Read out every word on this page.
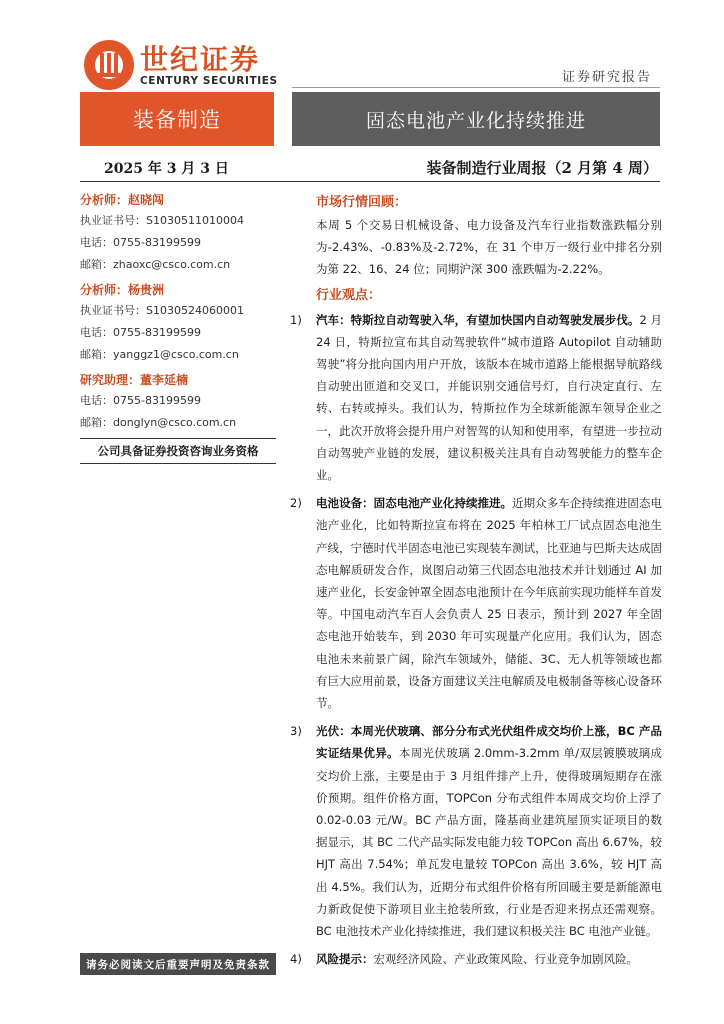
世纪证券
CENTURY SECURITIES	证券研究报告
装备制造	固态电池产业化持续推进
2025 年 3 月 3 日	装备制造行业周报（2 月第 4 周）
分析师：赵晓闯
执业证书号：S1030511010004
电话：0755-83199599
邮箱：zhaoxc@csco.com.cn
分析师：杨贵洲
执业证书号：S1030524060001
电话：0755-83199599
邮箱：yanggz1@csco.com.cn
研究助理：董李延楠
电话：0755-83199599
邮箱：donglyn@csco.com.cn
公司具备证券投资咨询业务资格
市场行情回顾：
本周 5 个交易日机械设备、电力设备及汽车行业指数涨跌幅分别为-2.43%、-0.83%及-2.72%，在 31 个申万一级行业中排名分别为第 22、16、24 位；同期沪深 300 涨跌幅为-2.22%。
行业观点：
1) 汽车：特斯拉自动驾驶入华，有望加快国内自动驾驶发展步伐。2 月 24 日，特斯拉宣布其自动驾驶软件“城市道路 Autopilot 自动辅助驾驶”将分批向国内用户开放，该版本在城市道路上能根据导航路线自动驶出匝道和交叉口，并能识别交通信号灯，自行决定直行、左转、右转或掉头。我们认为，特斯拉作为全球新能源车领导企业之一，此次开放将会提升用户对智驾的认知和使用率，有望进一步拉动自动驾驶产业链的发展，建议积极关注具有自动驾驶能力的整车企业。
2) 电池设备：固态电池产业化持续推进。近期众多车企持续推进固态电池产业化，比如特斯拉宣布将在 2025 年柏林工厂试点固态电池生产线，宁德时代半固态电池已实现装车测试，比亚迪与巴斯夫达成固态电解质研发合作，岚图启动第三代固态电池技术并计划通过 AI 加速产业化，长安金钟罩全固态电池预计在今年底前实现功能样车首发等。中国电动汽车百人会负责人 25 日表示，预计到 2027 年全固态电池开始装车，到 2030 年可实现量产化应用。我们认为，固态电池未来前景广阔，除汽车领域外，储能、3C、无人机等领域也都有巨大应用前景，设备方面建议关注电解质及电极制备等核心设备环节。
3) 光伏：本周光伏玻璃、部分分布式光伏组件成交均价上涨，BC 产品实证结果优异。本周光伏玻璃 2.0mm-3.2mm 单/双层镀膜玻璃成交均价上涨，主要是由于 3 月组件排产上升，使得玻璃短期存在涨价预期。组件价格方面，TOPCon 分布式组件本周成交均价上浮了 0.02-0.03 元/W。BC 产品方面，隆基商业建筑屋顶实证项目的数据显示，其 BC 二代产品实际发电能力较 TOPCon 高出 6.67%，较 HJT 高出 7.54%；单瓦发电量较 TOPCon 高出 3.6%，较 HJT 高出 4.5%。我们认为，近期分布式组件价格有所回暖主要是新能源电力新政促使下游项目业主抢装所致，行业是否迎来拐点还需观察。BC 电池技术产业化持续推进，我们建议积极关注 BC 电池产业链。
4) 风险提示：宏观经济风险、产业政策风险、行业竞争加剧风险。
请务必阅读文后重要声明及免责条款
